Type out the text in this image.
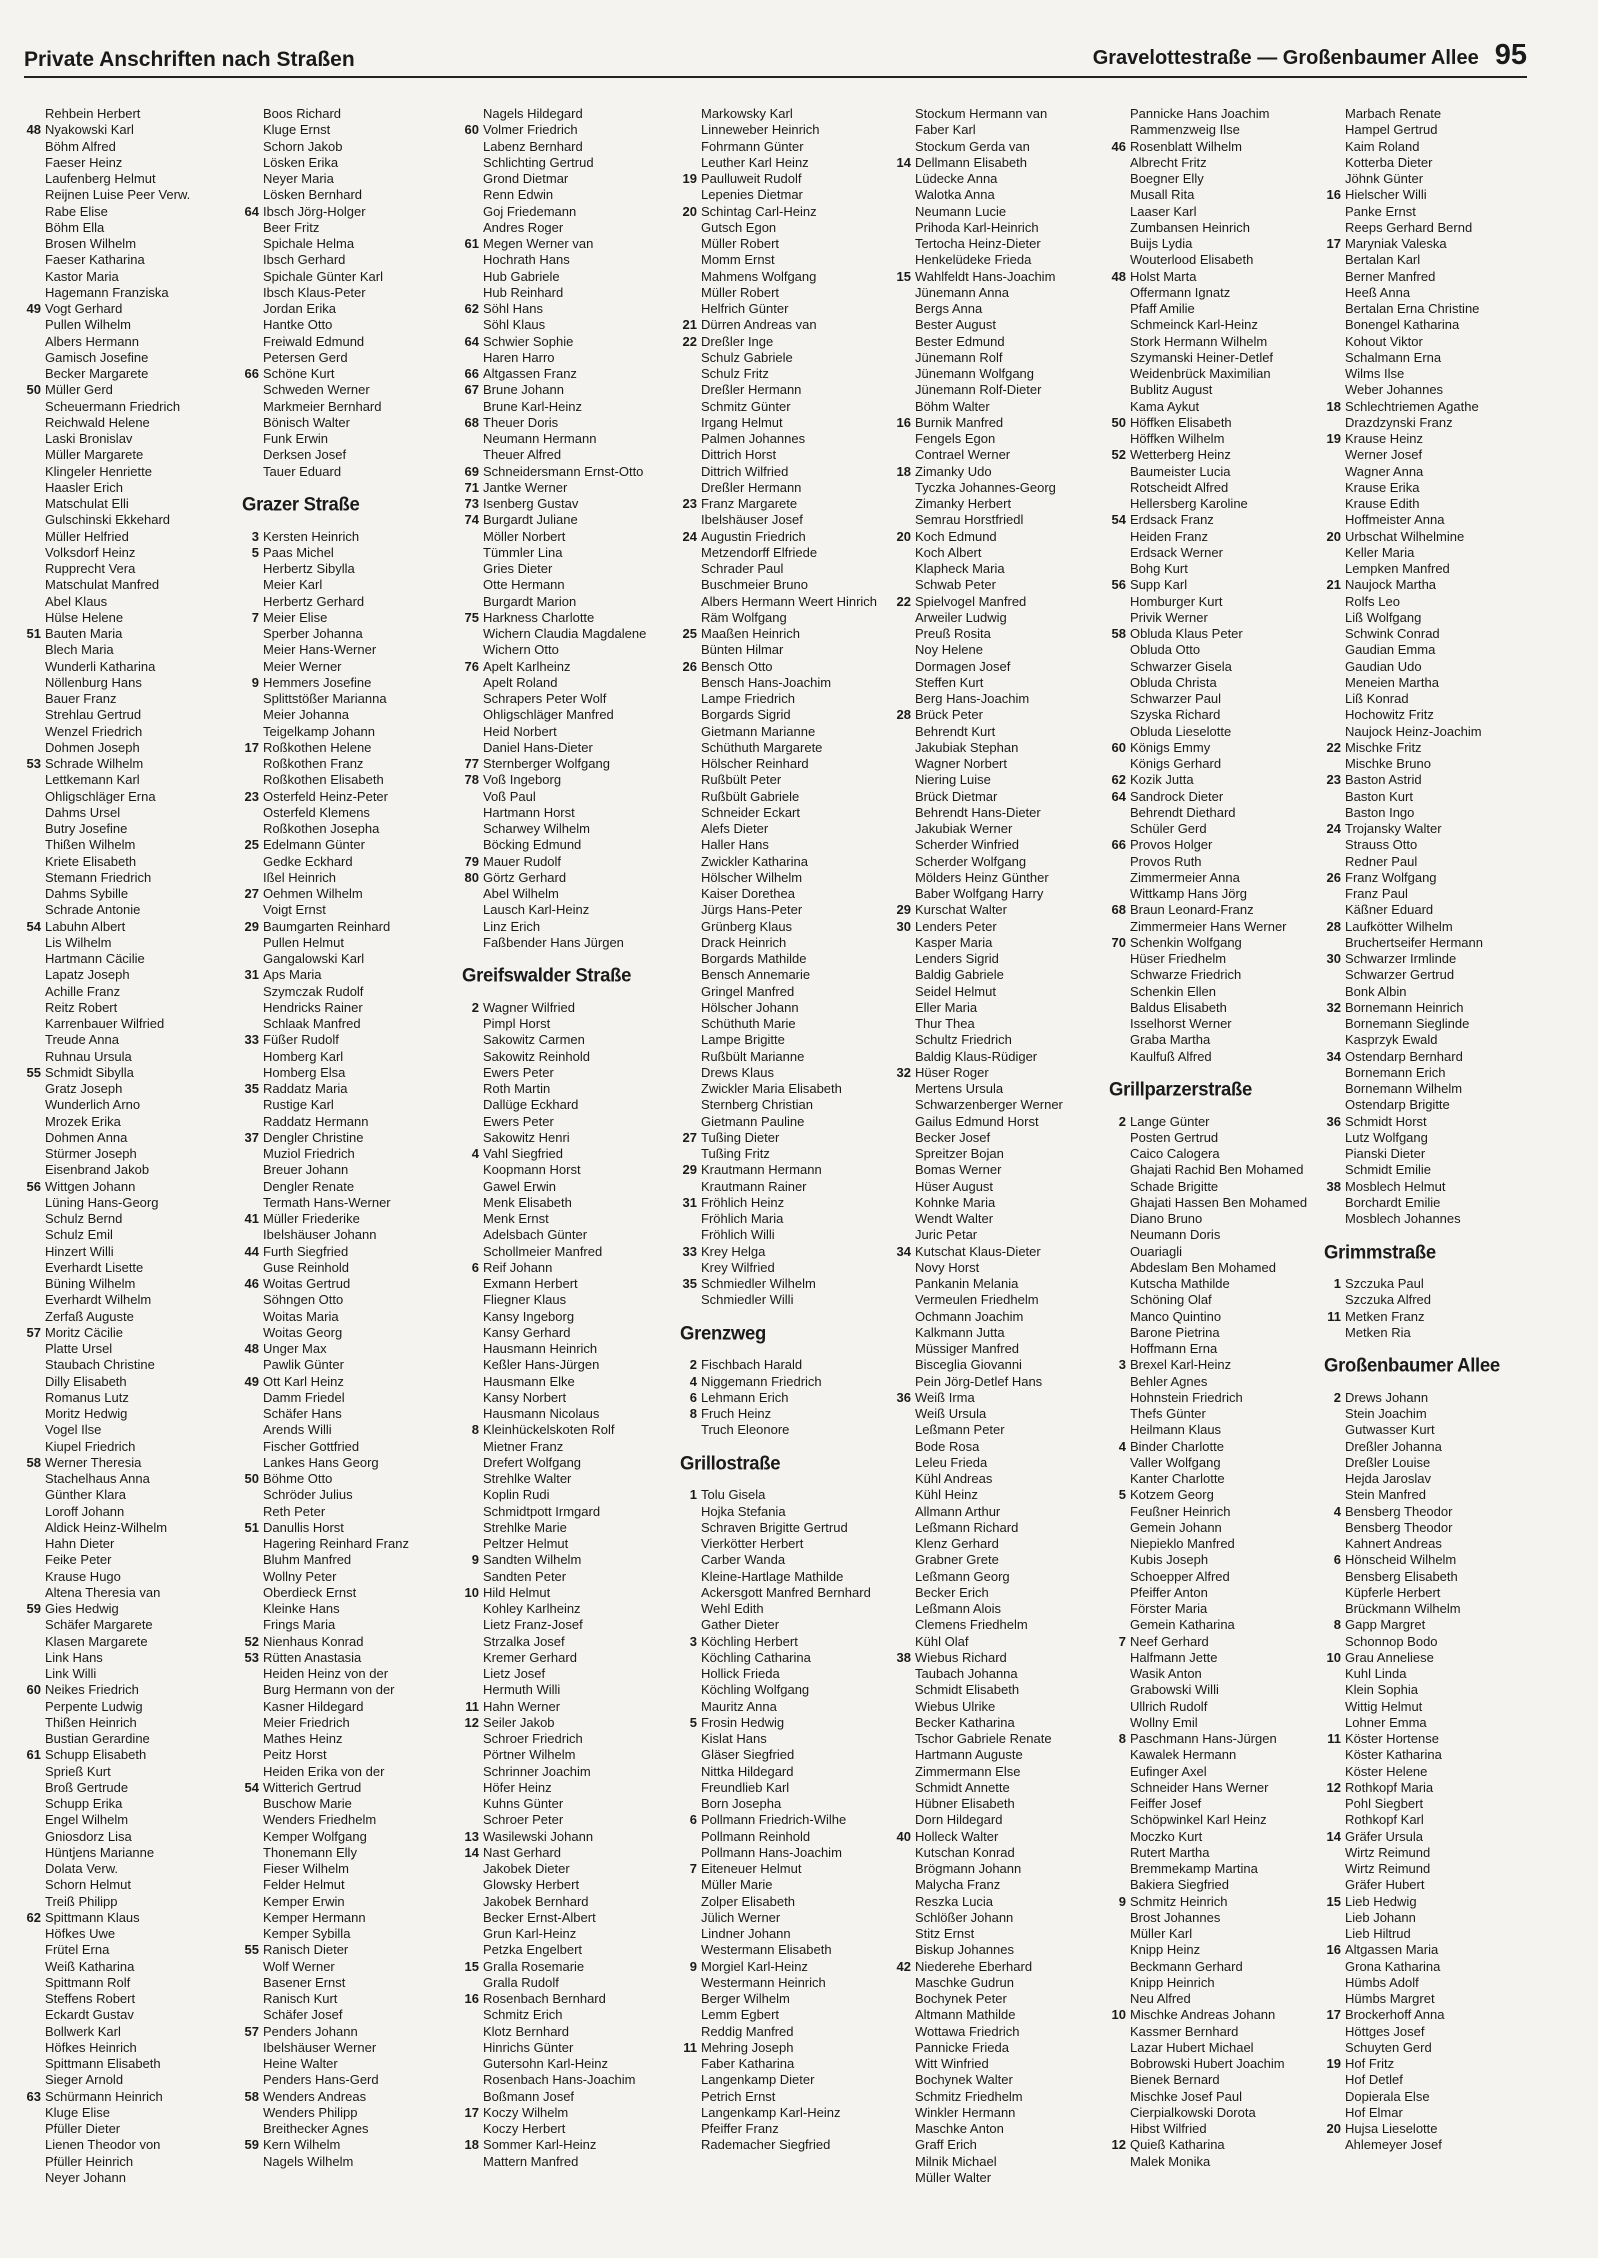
Private Anschriften nach Straßen	Gravelottestraße — Großenbaumer Allee 95
Rehbein Herbert
48 Nyakowski Karl
Böhm Alfred
Faeser Heinz
Laufenberg Helmut
Reijnen Luise Peer Verw.
Rabe Elise
Böhm Ella
Brosen Wilhelm
Faeser Katharina
Kastor Maria
Hagemann Franziska
49 Vogt Gerhard
Pullen Wilhelm
Albers Hermann
Gamisch Josefine
Becker Margarete
50 Müller Gerd
Scheuermann Friedrich
Reichwald Helene
Laski Bronislav
Müller Margarete
Klingeler Henriette
Haasler Erich
Matschulat Elli
Gulschinski Ekkehard
Müller Helfried
Volksdorf Heinz
Rupprecht Vera
Matschulat Manfred
Abel Klaus
Hülse Helene
51 Bauten Maria
Blech Maria
Wunderli Katharina
Nöllenburg Hans
Bauer Franz
Strehlau Gertrud
Wenzel Friedrich
Dohmen Joseph
53 Schrade Wilhelm
Lettkemann Karl
Ohligschläger Erna
Dahms Ursel
Butry Josefine
Thißen Wilhelm
Kriete Elisabeth
Stemann Friedrich
Dahms Sybille
Schrade Antonie
54 Labuhn Albert
Lis Wilhelm
Hartmann Cäcilie
Lapatz Joseph
Achille Franz
Reitz Robert
Karrenbauer Wilfried
Treude Anna
Ruhnau Ursula
55 Schmidt Sibylla
Gratz Joseph
Wunderlich Arno
Mrozek Erika
Dohmen Anna
Stürmer Joseph
Eisenbrand Jakob
56 Wittgen Johann
Lüning Hans-Georg
Schulz Bernd
Schulz Emil
Hinzert Willi
Everhardt Lisette
Büning Wilhelm
Everhardt Wilhelm
Zerfaß Auguste
57 Moritz Cäcilie
Platte Ursel
Staubach Christine
Dilly Elisabeth
Romanus Lutz
Moritz Hedwig
Vogel Ilse
Kiupel Friedrich
58 Werner Theresia
Stachelhaus Anna
Günther Klara
Loroff Johann
Aldick Heinz-Wilhelm
Hahn Dieter
Feike Peter
Krause Hugo
Altena Theresia van
59 Gies Hedwig
Schäfer Margarete
Klasen Margarete
Link Hans
Link Willi
60 Neikes Friedrich
Perpente Ludwig
Thißen Heinrich
Bustian Gerardine
61 Schupp Elisabeth
Sprieß Kurt
Broß Gertrude
Schupp Erika
Engel Wilhelm
Gniosdorz Lisa
Hüntjens Marianne
Dolata Verw.
Schorn Helmut
Treiß Philipp
62 Spittmann Klaus
Höfkes Uwe
Frütel Erna
Weiß Katharina
Spittmann Rolf
Steffens Robert
Eckardt Gustav
Bollwerk Karl
Höfkes Heinrich
Spittmann Elisabeth
Sieger Arnold
63 Schürmann Heinrich
Kluge Elise
Pfüller Dieter
Lienen Theodor von
Pfüller Heinrich
Neyer Johann
Boos Richard
Kluge Ernst
Schorn Jakob
Lösken Erika
Neyer Maria
Lösken Bernhard
64 Ibsch Jörg-Holger
Beer Fritz
Spichale Helma
Ibsch Gerhard
Spichale Günter Karl
Ibsch Klaus-Peter
Jordan Erika
Hantke Otto
Freiwald Edmund
Petersen Gerd
66 Schöne Kurt
Schweden Werner
Markmeier Bernhard
Bönisch Walter
Funk Erwin
Derksen Josef
Tauer Eduard
Grazer Straße
3 Kersten Heinrich
5 Paas Michel
Herbertz Sibylla
Meier Karl
Herbertz Gerhard
7 Meier Elise
Sperber Johanna
Meier Hans-Werner
Meier Werner
9 Hemmers Josefine
Splittstößer Marianna
Meier Johanna
Teigelkamp Johann
17 Roßkothen Helene
Roßkothen Franz
Roßkothen Elisabeth
23 Osterfeld Heinz-Peter
Osterfeld Klemens
Roßkothen Josepha
25 Edelmann Günter
Gedke Eckhard
Ißel Heinrich
27 Oehmen Wilhelm
Voigt Ernst
29 Baumgarten Reinhard
Pullen Helmut
Gangalowski Karl
31 Aps Maria
Szymczak Rudolf
Hendricks Rainer
Schlaak Manfred
33 Füßer Rudolf
Homberg Karl
Homberg Elsa
35 Raddatz Maria
Rustige Karl
Raddatz Hermann
37 Dengler Christine
Muziol Friedrich
Breuer Johann
Dengler Renate
Termath Hans-Werner
41 Müller Friederike
Ibelshäuser Johann
44 Furth Siegfried
Guse Reinhold
46 Woitas Gertrud
Söhngen Otto
Woitas Maria
Woitas Georg
48 Unger Max
Pawlik Günter
49 Ott Karl Heinz
Damm Friedel
Schäfer Hans
Arends Willi
Fischer Gottfried
Lankes Hans Georg
50 Böhme Otto
Schröder Julius
Reth Peter
51 Danullis Horst
Hagering Reinhard Franz
Bluhm Manfred
Wollny Peter
Oberdieck Ernst
Kleinke Hans
Frings Maria
52 Nienhaus Konrad
53 Rütten Anastasia
Heiden Heinz von der
Burg Hermann von der
Kasner Hildegard
Meier Friedrich
Mathes Heinz
Peitz Horst
Heiden Erika von der
54 Witterich Gertrud
Buschow Marie
Wenders Friedhelm
Kemper Wolfgang
Thonemann Elly
Fieser Wilhelm
Felder Helmut
Kemper Erwin
Kemper Hermann
Kemper Sybilla
55 Ranisch Dieter
Wolf Werner
Basener Ernst
Ranisch Kurt
Schäfer Josef
57 Penders Johann
Ibelshäuser Werner
Heine Walter
Penders Hans-Gerd
58 Wenders Andreas
Wenders Philipp
Breithecker Agnes
59 Kern Wilhelm
Nagels Wilhelm
Nagels Hildegard
60 Volmer Friedrich
Labenz Bernhard
Schlichting Gertrud
Grond Dietmar
Renn Edwin
Goj Friedemann
Andres Roger
61 Megen Werner van
Hochrath Hans
Hub Gabriele
Hub Reinhard
62 Söhl Hans
Söhl Klaus
64 Schwier Sophie
Haren Harro
66 Altgassen Franz
67 Brune Johann
Brune Karl-Heinz
68 Theuer Doris
Neumann Hermann
Theuer Alfred
69 Schneidersmann Ernst-Otto
71 Jantke Werner
73 Isenberg Gustav
74 Burgardt Juliane
Möller Norbert
Tümmler Lina
Gries Dieter
Otte Hermann
Burgardt Marion
75 Harkness Charlotte
Wichern Claudia Magdalene
Wichern Otto
76 Apelt Karlheinz
Apelt Roland
Schrapers Peter Wolf
Ohligschläger Manfred
Heid Norbert
Daniel Hans-Dieter
77 Sternberger Wolfgang
78 Voß Ingeborg
Voß Paul
Hartmann Horst
Scharwey Wilhelm
Böcking Edmund
79 Mauer Rudolf
80 Görtz Gerhard
Abel Wilhelm
Lausch Karl-Heinz
Linz Erich
Faßbender Hans Jürgen
Greifswalder Straße
2 Wagner Wilfried
Pimpl Horst
Sakowitz Carmen
Sakowitz Reinhold
Ewers Peter
Roth Martin
Dallüge Eckhard
Ewers Peter
Sakowitz Henri
4 Vahl Siegfried
Koopmann Horst
Gawel Erwin
Menk Elisabeth
Menk Ernst
Adelsbach Günter
Schollmeier Manfred
6 Reif Johann
Exmann Herbert
Fliegner Klaus
Kansy Ingeborg
Kansy Gerhard
Hausmann Heinrich
Keßler Hans-Jürgen
Hausmann Elke
Kansy Norbert
Hausmann Nicolaus
8 Kleinhückelskoten Rolf
Mietner Franz
Drefert Wolfgang
Strehlke Walter
Koplin Rudi
Schmidtpott Irmgard
Strehlke Marie
Peltzer Helmut
9 Sandten Wilhelm
Sandten Peter
10 Hild Helmut
Kohley Karlheinz
Lietz Franz-Josef
Strzalka Josef
Kremer Gerhard
Lietz Josef
Hermuth Willi
11 Hahn Werner
12 Seiler Jakob
Schroer Friedrich
Pörtner Wilhelm
Schrinner Joachim
Höfer Heinz
Kuhns Günter
Schroer Peter
13 Wasilewski Johann
14 Nast Gerhard
Jakobek Dieter
Glowsky Herbert
Jakobek Bernhard
Becker Ernst-Albert
Grun Karl-Heinz
Petzka Engelbert
15 Gralla Rosemarie
Gralla Rudolf
16 Rosenbach Bernhard
Schmitz Erich
Klotz Bernhard
Hinrichs Günter
Gutersohn Karl-Heinz
Rosenbach Hans-Joachim
Boßmann Josef
17 Koczy Wilhelm
Koczy Herbert
18 Sommer Karl-Heinz
Mattern Manfred
Markowsky Karl
Linneweber Heinrich
Fohrmann Günter
Leuther Karl Heinz
19 Paulluweit Rudolf
Lepenies Dietmar
20 Schintag Carl-Heinz
Gutsch Egon
Müller Robert
Momm Ernst
Mahmens Wolfgang
Müller Robert
Helfrich Günter
21 Dürren Andreas van
22 Dreßler Inge
Schulz Gabriele
Schulz Fritz
Dreßler Hermann
Schmitz Günter
Irgang Helmut
Palmen Johannes
Dittrich Horst
Dittrich Wilfried
Dreßler Hermann
23 Franz Margarete
Ibelshäuser Josef
24 Augustin Friedrich
Metzendorff Elfriede
Schrader Paul
Buschmeier Bruno
Albers Hermann Weert Hinrich
Räm Wolfgang
25 Maaßen Heinrich
Bünten Hilmar
26 Bensch Otto
Bensch Hans-Joachim
Lampe Friedrich
Borgards Sigrid
Gietmann Marianne
Schüthuth Margarete
Hölscher Reinhard
Rußbült Peter
Rußbült Gabriele
Schneider Eckart
Alefs Dieter
Haller Hans
Zwickler Katharina
Hölscher Wilhelm
Kaiser Dorethea
Jürgs Hans-Peter
Grünberg Klaus
Drack Heinrich
Borgards Mathilde
Bensch Annemarie
Gringel Manfred
Hölscher Johann
Schüthuth Marie
Lampe Brigitte
Rußbült Marianne
Drews Klaus
Zwickler Maria Elisabeth
Sternberg Christian
Gietmann Pauline
27 Tußing Dieter
Tußing Fritz
29 Krautmann Hermann
Krautmann Rainer
31 Fröhlich Heinz
Fröhlich Maria
Fröhlich Willi
33 Krey Helga
Krey Wilfried
35 Schmiedler Wilhelm
Schmiedler Willi
Grenzweg
2 Fischbach Harald
4 Niggemann Friedrich
6 Lehmann Erich
8 Fruch Heinz
Truch Eleonore
Grillostraße
1 Tolu Gisela
Hojka Stefania
Schraven Brigitte Gertrud
Vierkötter Herbert
Carber Wanda
Kleine-Hartlage Mathilde
Ackersgott Manfred Bernhard
Wehl Edith
Gather Dieter
3 Köchling Herbert
Köchling Catharina
Hollick Frieda
Köchling Wolfgang
Mauritz Anna
5 Frosin Hedwig
Kislat Hans
Gläser Siegfried
Nittka Hildegard
Freundlieb Karl
Born Josepha
6 Pollmann Friedrich-Wilhe
Pollmann Reinhold
Pollmann Hans-Joachim
7 Eiteneuer Helmut
Müller Marie
Zolper Elisabeth
Jülich Werner
Lindner Johann
Westermann Elisabeth
9 Morgiel Karl-Heinz
Westermann Heinrich
Berger Wilhelm
Lemm Egbert
Reddig Manfred
11 Mehring Joseph
Faber Katharina
Langenkamp Dieter
Petrich Ernst
Langenkamp Karl-Heinz
Pfeiffer Franz
Rademacher Siegfried
Stockum Hermann van
Faber Karl
Stockum Gerda van
14 Dellmann Elisabeth
Lüdecke Anna
Walotka Anna
Neumann Lucie
Prihoda Karl-Heinrich
Tertocha Heinz-Dieter
Henkelüdeke Frieda
15 Wahlfeldt Hans-Joachim
Jünemann Anna
Bergs Anna
Bester August
Bester Edmund
Jünemann Rolf
Jünemann Wolfgang
Jünemann Rolf-Dieter
Böhm Walter
16 Burnik Manfred
Fengels Egon
Contrael Werner
18 Zimanky Udo
Tyczka Johannes-Georg
Zimanky Herbert
Semrau Horstfriedl
20 Koch Edmund
Koch Albert
Klapheck Maria
Schwab Peter
22 Spielvogel Manfred
Arweiler Ludwig
Preuß Rosita
Noy Helene
Dormagen Josef
Steffen Kurt
Berg Hans-Joachim
28 Brück Peter
Behrendt Kurt
Jakubiak Stephan
Wagner Norbert
Niering Luise
Brück Dietmar
Behrendt Hans-Dieter
Jakubiak Werner
Scherder Winfried
Scherder Wolfgang
Mölders Heinz Günther
Baber Wolfgang Harry
29 Kurschat Walter
30 Lenders Peter
Kasper Maria
Lenders Sigrid
Baldig Gabriele
Seidel Helmut
Eller Maria
Thur Thea
Schultz Friedrich
Baldig Klaus-Rüdiger
32 Hüser Roger
Mertens Ursula
Schwarzenberger Werner
Gailus Edmund Horst
Becker Josef
Spreitzer Bojan
Bomas Werner
Hüser August
Kohnke Maria
Wendt Walter
Juric Petar
34 Kutschat Klaus-Dieter
Novy Horst
Pankanin Melania
Vermeulen Friedhelm
Ochmann Joachim
Kalkmann Jutta
Müssiger Manfred
Bisceglia Giovanni
Pein Jörg-Detlef Hans
36 Weiß Irma
Weiß Ursula
Leßmann Peter
Bode Rosa
Leleu Frieda
Kühl Andreas
Kühl Heinz
Allmann Arthur
Leßmann Richard
Klenz Gerhard
Grabner Grete
Leßmann Georg
Becker Erich
Leßmann Alois
Clemens Friedhelm
Kühl Olaf
38 Wiebus Richard
Taubach Johanna
Schmidt Elisabeth
Wiebus Ulrike
Becker Katharina
Tschor Gabriele Renate
Hartmann Auguste
Zimmermann Else
Schmidt Annette
Hübner Elisabeth
Dorn Hildegard
40 Holleck Walter
Kutschan Konrad
Brögmann Johann
Malycha Franz
Reszka Lucia
Schlößer Johann
Stitz Ernst
Biskup Johannes
42 Niederehe Eberhard
Maschke Gudrun
Bochynek Peter
Altmann Mathilde
Wottawa Friedrich
Pannicke Frieda
Witt Winfried
Bochynek Walter
Schmitz Friedhelm
Winkler Hermann
Maschke Anton
Graff Erich
Milnik Michael
Müller Walter
Pannicke Hans Joachim
Rammenzweig Ilse
46 Rosenblatt Wilhelm
Albrecht Fritz
Boegner Elly
Musall Rita
Laaser Karl
Zumbansen Heinrich
Buijs Lydia
Wouterlood Elisabeth
48 Holst Marta
Offermann Ignatz
Pfaff Amilie
Schmeinck Karl-Heinz
Stork Hermann Wilhelm
Szymanski Heiner-Detlef
Weidenbrück Maximilian
Bublitz August
Kama Aykut
50 Höffken Elisabeth
Höffken Wilhelm
52 Wetterberg Heinz
Baumeister Lucia
Rotscheidt Alfred
Hellersberg Karoline
54 Erdsack Franz
Heiden Franz
Erdsack Werner
Bohg Kurt
56 Supp Karl
Homburger Kurt
Privik Werner
58 Obluda Klaus Peter
Obluda Otto
Schwarzer Gisela
Obluda Christa
Schwarzer Paul
Szyska Richard
Obluda Lieselotte
60 Königs Emmy
Königs Gerhard
62 Kozik Jutta
64 Sandrock Dieter
Behrendt Diethard
Schüler Gerd
66 Provos Holger
Provos Ruth
Zimmermeier Anna
Wittkamp Hans Jörg
68 Braun Leonard-Franz
Zimmermeier Hans Werner
70 Schenkin Wolfgang
Hüser Friedhelm
Schwarze Friedrich
Schenkin Ellen
Baldus Elisabeth
Isselhorst Werner
Graba Martha
Kaulfuß Alfred
Grillparzerstraße
2 Lange Günter
Posten Gertrud
Caico Calogera
Ghajati Rachid Ben Mohamed
Schade Brigitte
Ghajati Hassen Ben Mohamed
Diano Bruno
Neumann Doris
Ouariagli
Abdeslam Ben Mohamed
Kutscha Mathilde
Schöning Olaf
Manco Quintino
Barone Pietrina
Hoffmann Erna
3 Brexel Karl-Heinz
Behler Agnes
Hohnstein Friedrich
Thefs Günter
Heilmann Klaus
4 Binder Charlotte
Valler Wolfgang
Kanter Charlotte
5 Kotzem Georg
Feußner Heinrich
Gemein Johann
Niepieklo Manfred
Kubis Joseph
Schoepper Alfred
Pfeiffer Anton
Förster Maria
Gemein Katharina
7 Neef Gerhard
Halfmann Jette
Wasik Anton
Grabowski Willi
Ullrich Rudolf
Wollny Emil
8 Paschmann Hans-Jürgen
Kawalek Hermann
Eufinger Axel
Schneider Hans Werner
Feiffer Josef
Schöpwinkel Karl Heinz
Moczko Kurt
Rutert Martha
Bremmekamp Martina
Bakiera Siegfried
9 Schmitz Heinrich
Brost Johannes
Müller Karl
Knipp Heinz
Beckmann Gerhard
Knipp Heinrich
Neu Alfred
10 Mischke Andreas Johann
Kassmer Bernhard
Lazar Hubert Michael
Bobrowski Hubert Joachim
Bienek Bernard
Mischke Josef Paul
Cierpialkowski Dorota
Hibst Wilfried
12 Quieß Katharina
Malek Monika
Marbach Renate
Hampel Gertrud
Kaim Roland
Kotterba Dieter
Jöhnk Günter
16 Hielscher Willi
Panke Ernst
Reeps Gerhard Bernd
17 Maryniak Valeska
Bertalan Karl
Berner Manfred
Heeß Anna
Bertalan Erna Christine
Bonengel Katharina
Kohout Viktor
Schalmann Erna
Wilms Ilse
Weber Johannes
18 Schlechtriemen Agathe
Drazdzynski Franz
19 Krause Heinz
Werner Josef
Wagner Anna
Krause Erika
Krause Edith
Hoffmeister Anna
20 Urbschat Wilhelmine
Keller Maria
Lempken Manfred
21 Naujock Martha
Rolfs Leo
Liß Wolfgang
Schwink Conrad
Gaudian Emma
Gaudian Udo
Meneien Martha
Liß Konrad
Hochowitz Fritz
Naujock Heinz-Joachim
22 Mischke Fritz
Mischke Bruno
23 Baston Astrid
Baston Kurt
Baston Ingo
24 Trojansky Walter
Strauss Otto
Redner Paul
26 Franz Wolfgang
Franz Paul
Käßner Eduard
28 Laufkötter Wilhelm
Bruchertseifer Hermann
30 Schwarzer Irmlinde
Schwarzer Gertrud
Bonk Albin
32 Bornemann Heinrich
Bornemann Sieglinde
Kasprzyk Ewald
34 Ostendarp Bernhard
Bornemann Erich
Bornemann Wilhelm
Ostendarp Brigitte
36 Schmidt Horst
Lutz Wolfgang
Pianski Dieter
Schmidt Emilie
38 Mosblech Helmut
Borchardt Emilie
Mosblech Johannes
Grimmstraße
1 Szczuka Paul
Szczuka Alfred
11 Metken Franz
Metken Ria
Großenbaumer Allee
2 Drews Johann
Stein Joachim
Gutwasser Kurt
Dreßler Johanna
Dreßler Louise
Hejda Jaroslav
Stein Manfred
4 Bensberg Theodor
Bensberg Theodor
Kahnert Andreas
6 Hönscheid Wilhelm
Bensberg Elisabeth
Küpferle Herbert
Brückmann Wilhelm
8 Gapp Margret
Schonnop Bodo
10 Grau Anneliese
Kuhl Linda
Klein Sophia
Wittig Helmut
Lohner Emma
11 Köster Hortense
Köster Katharina
Köster Helene
12 Rothkopf Maria
Pohl Siegbert
Rothkopf Karl
14 Gräfer Ursula
Wirtz Reimund
Wirtz Reimund
Gräfer Hubert
15 Lieb Hedwig
Lieb Johann
Lieb Hiltrud
16 Altgassen Maria
Grona Katharina
Hümbs Adolf
Hümbs Margret
17 Brockerhoff Anna
Höttges Josef
Schuyten Gerd
19 Hof Fritz
Hof Detlef
Dopierala Else
Hof Elmar
20 Hujsa Lieselotte
Ahlemeyer Josef
